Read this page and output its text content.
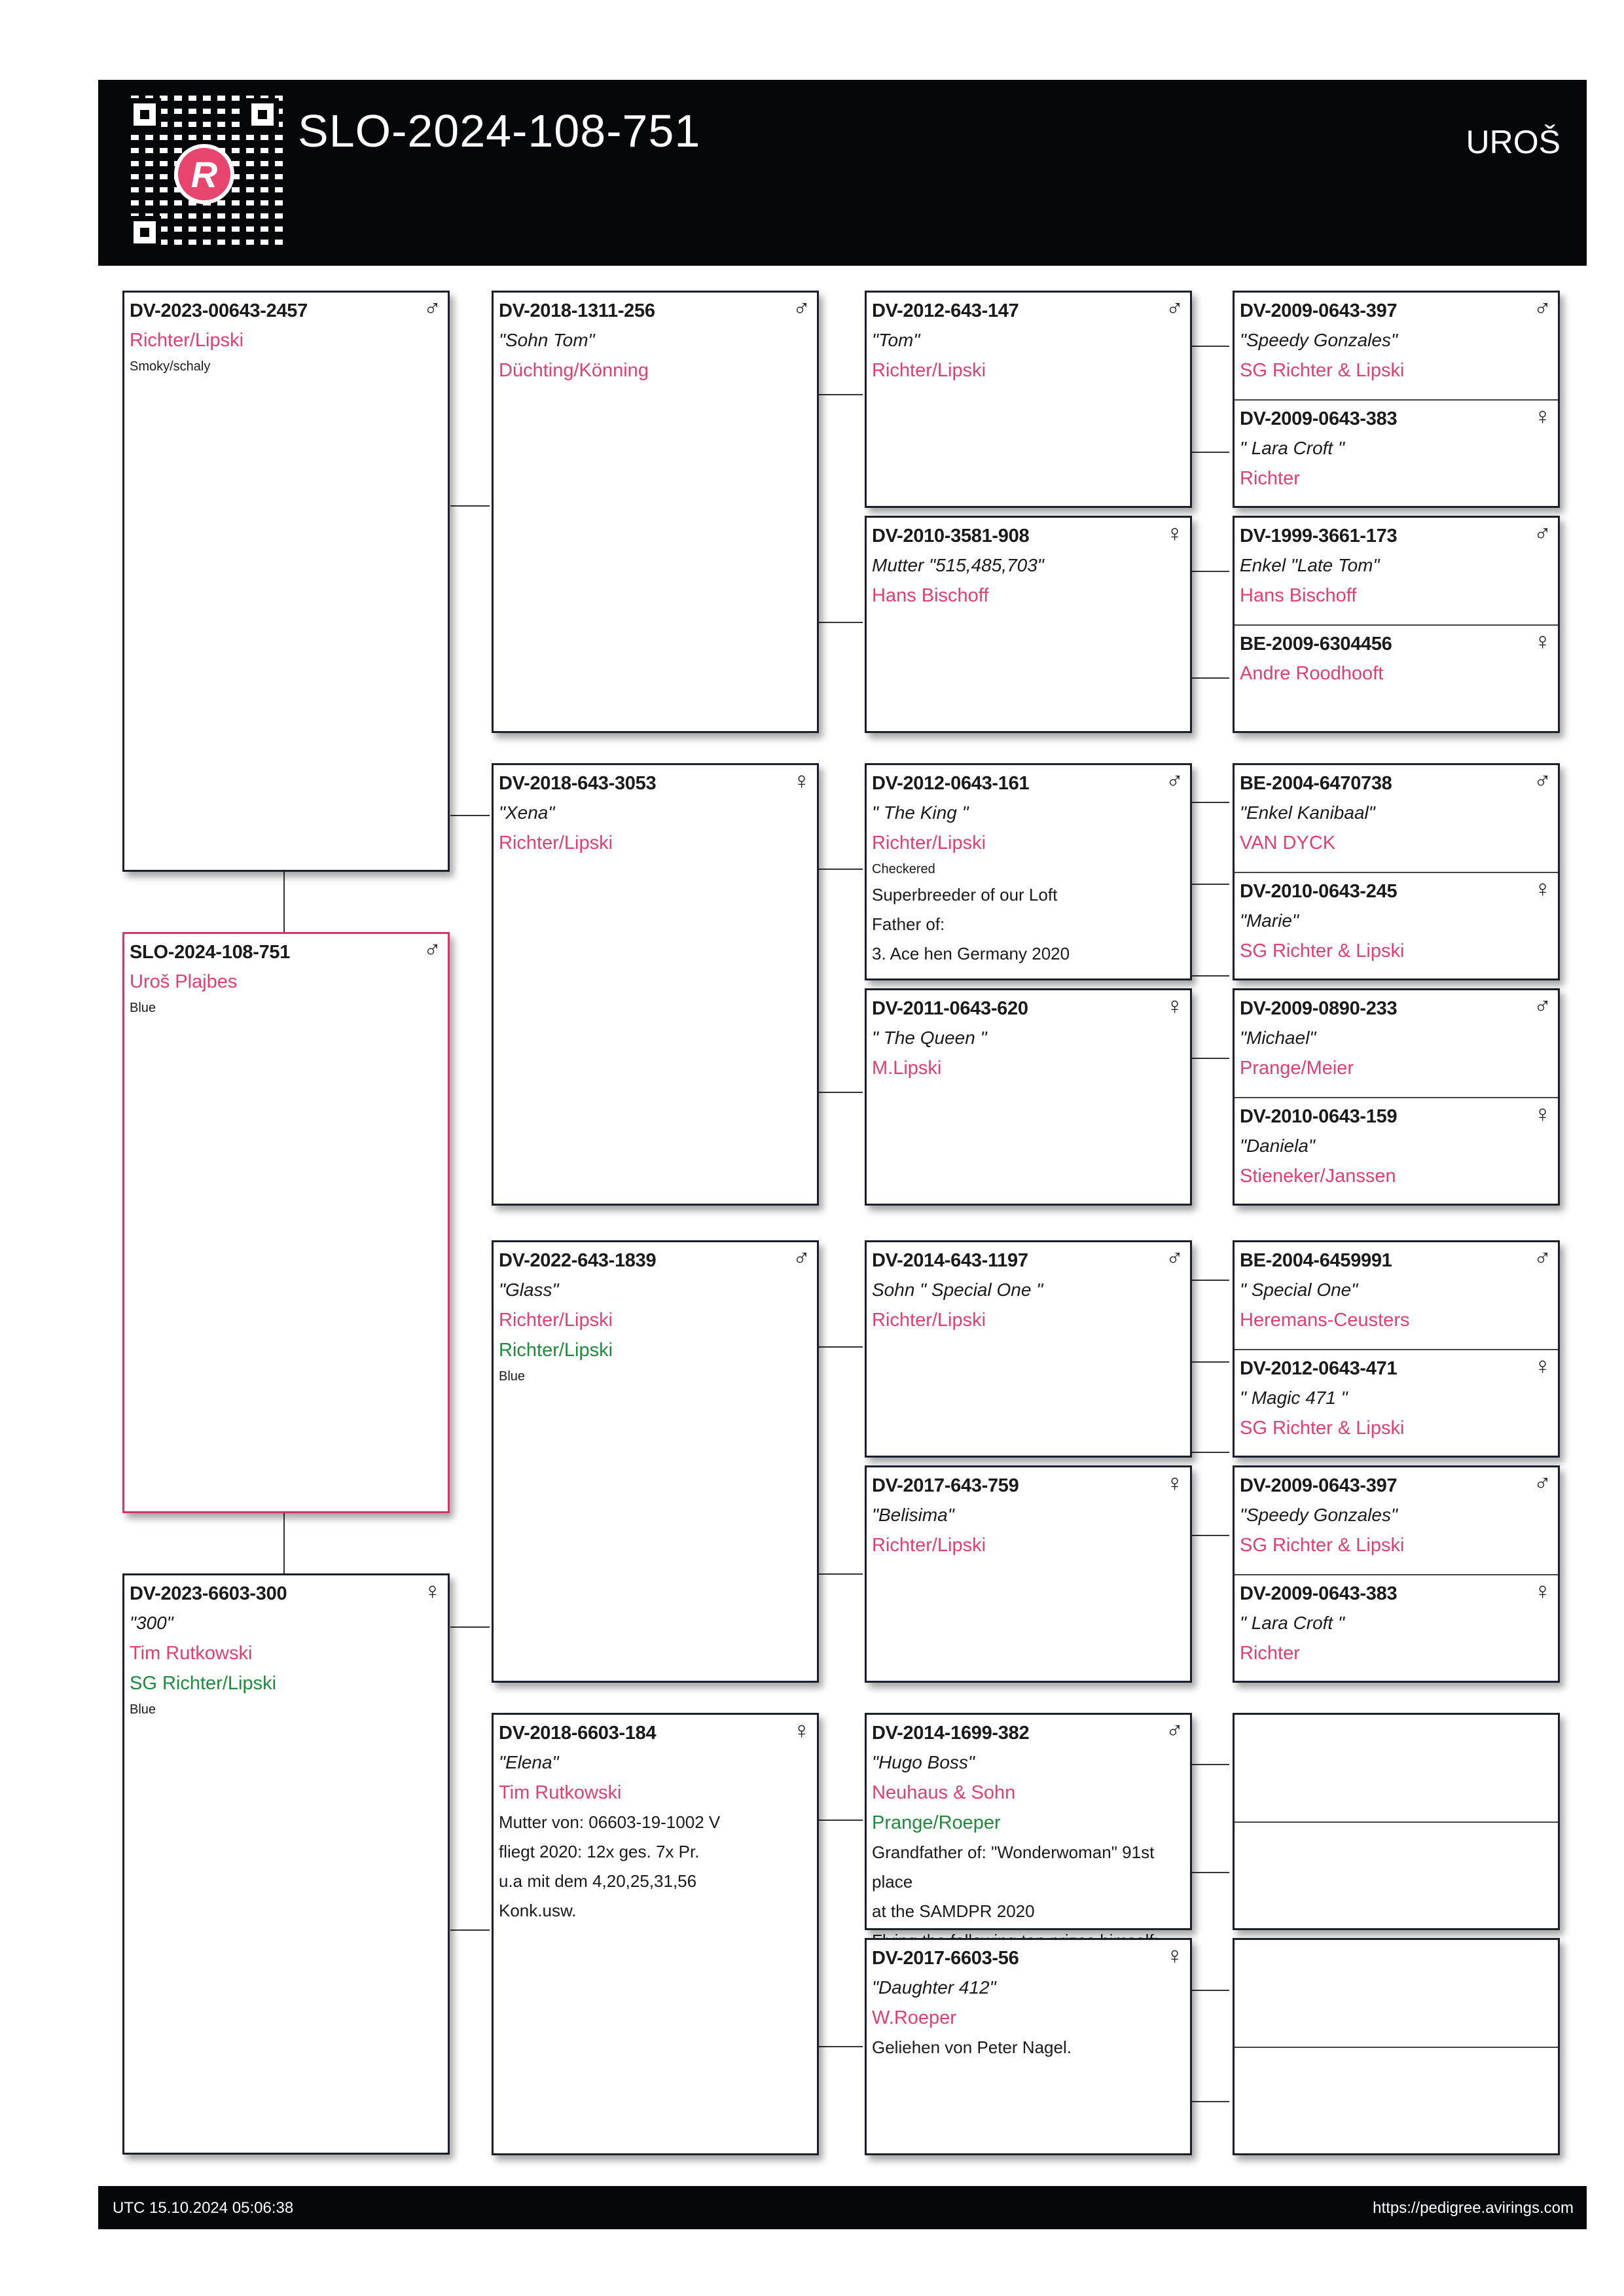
R
SLO-2024-108-751	UROŠ
DV-2023-00643-2457	♂
Richter/Lipski
Smoky/schaly
SLO-2024-108-751	♂
Uroš Plajbes
Blue
DV-2023-6603-300	♀
"300"
Tim Rutkowski
SG Richter/Lipski
Blue
DV-2018-1311-256	♂
"Sohn Tom"
Düchting/Könning
DV-2018-643-3053	♀
"Xena"
Richter/Lipski
DV-2022-643-1839	♂
"Glass"
Richter/Lipski
Richter/Lipski
Blue
DV-2018-6603-184	♀
"Elena"
Tim Rutkowski
Mutter von: 06603-19-1002 V
fliegt 2020: 12x ges. 7x Pr.
u.a mit dem 4,20,25,31,56
Konk.usw.
DV-2012-643-147	♂
"Tom"
Richter/Lipski
DV-2010-3581-908	♀
Mutter "515,485,703"
Hans Bischoff
DV-2012-0643-161	♂
" The King "
Richter/Lipski
Checkered
Superbreeder of our Loft
Father of:
3. Ace hen Germany 2020
DV-2011-0643-620	♀
" The Queen "
M.Lipski
DV-2014-643-1197	♂
Sohn " Special One "
Richter/Lipski
DV-2017-643-759	♀
"Belisima"
Richter/Lipski
DV-2014-1699-382	♂
"Hugo Boss"
Neuhaus & Sohn
Prange/Roeper
Grandfather of: "Wonderwoman" 91st place
at the SAMDPR 2020
DV-2017-6603-56	♀
"Daughter 412"
W.Roeper
Geliehen von Peter Nagel.
DV-2009-0643-397	♂
"Speedy Gonzales"
SG Richter & Lipski
DV-2009-0643-383	♀
" Lara Croft "
Richter
DV-1999-3661-173	♂
Enkel "Late Tom"
Hans Bischoff
BE-2009-6304456	♀
Andre Roodhooft
BE-2004-6470738	♂
"Enkel Kanibaal"
VAN DYCK
DV-2010-0643-245	♀
"Marie"
SG Richter & Lipski
DV-2009-0890-233	♂
"Michael"
Prange/Meier
DV-2010-0643-159	♀
"Daniela"
Stieneker/Janssen
BE-2004-6459991	♂
" Special One"
Heremans-Ceusters
DV-2012-0643-471	♀
" Magic 471 "
SG Richter & Lipski
DV-2009-0643-397	♂
"Speedy Gonzales"
SG Richter & Lipski
DV-2009-0643-383	♀
" Lara Croft "
Richter
UTC 15.10.2024 05:06:38	https://pedigree.avirings.com
